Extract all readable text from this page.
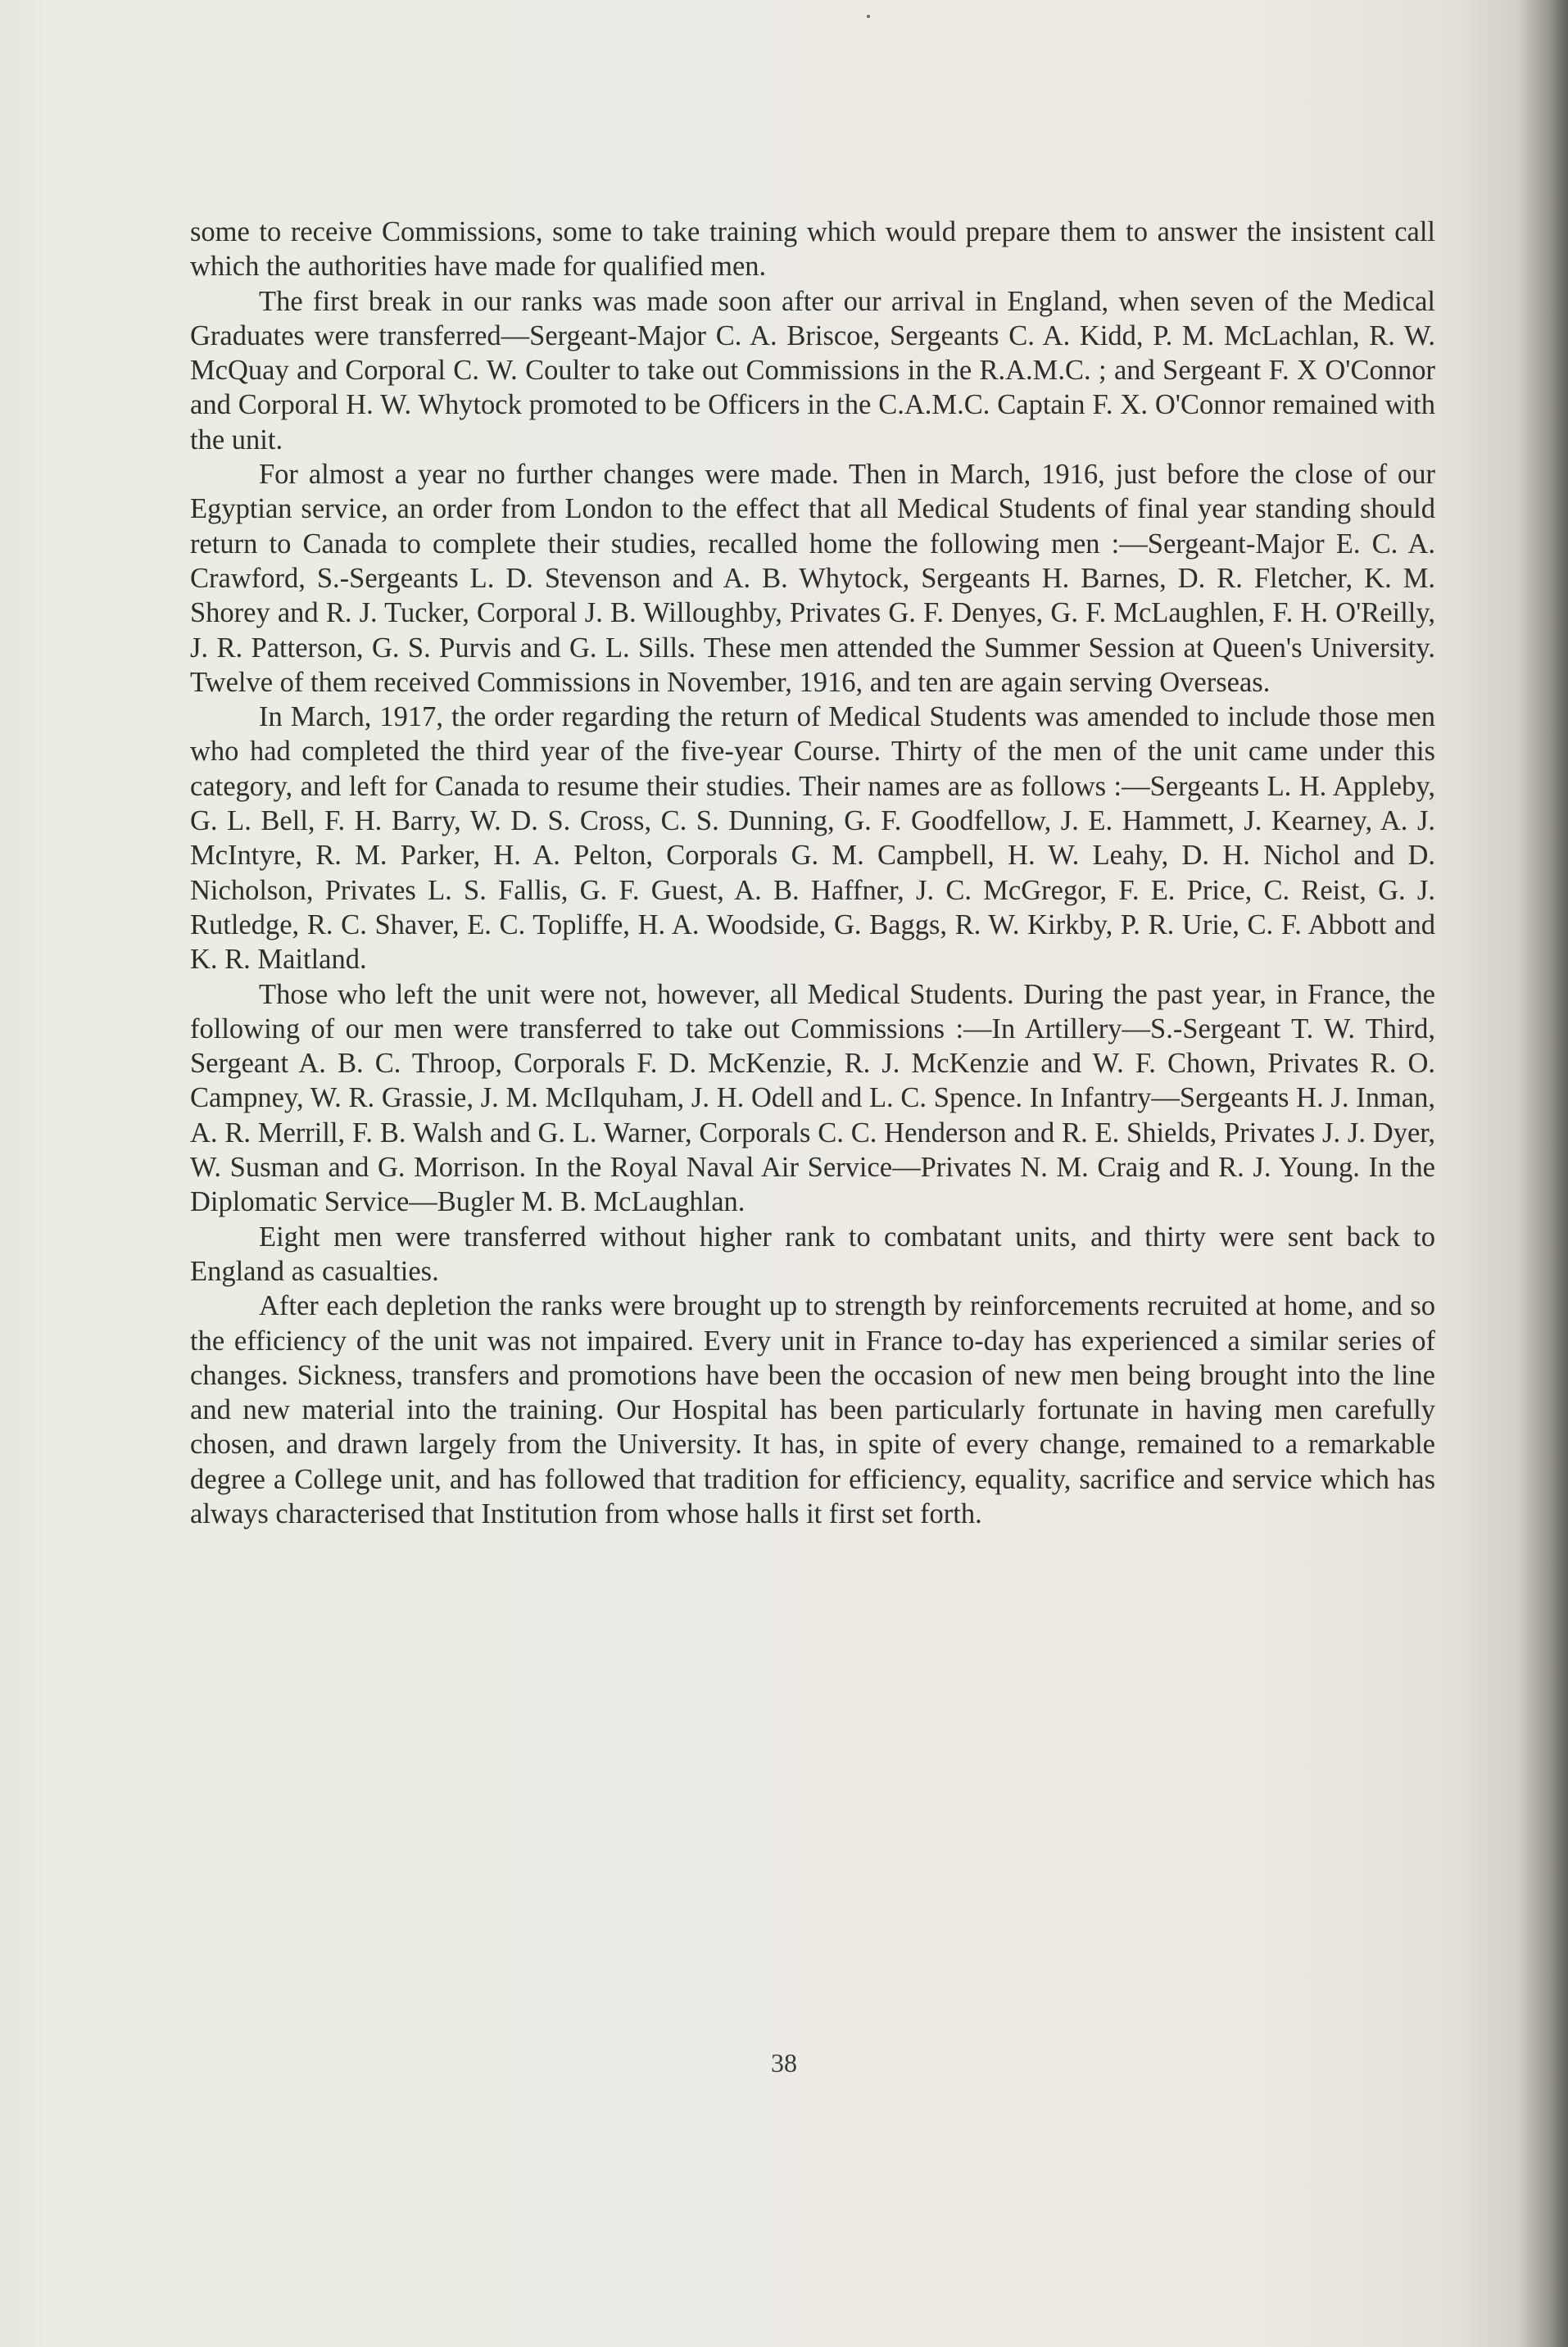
some to receive Commissions, some to take training which would prepare them to answer the insistent call which the authorities have made for qualified men.

The first break in our ranks was made soon after our arrival in England, when seven of the Medical Graduates were transferred—Sergeant-Major C. A. Briscoe, Sergeants C. A. Kidd, P. M. McLachlan, R. W. McQuay and Corporal C. W. Coulter to take out Commissions in the R.A.M.C. ; and Sergeant F. X O'Connor and Corporal H. W. Whytock promoted to be Officers in the C.A.M.C. Captain F. X. O'Connor remained with the unit.

For almost a year no further changes were made. Then in March, 1916, just before the close of our Egyptian service, an order from London to the effect that all Medical Students of final year standing should return to Canada to complete their studies, recalled home the following men :—Sergeant-Major E. C. A. Crawford, S.-Sergeants L. D. Stevenson and A. B. Whytock, Sergeants H. Barnes, D. R. Fletcher, K. M. Shorey and R. J. Tucker, Corporal J. B. Willoughby, Privates G. F. Denyes, G. F. McLaughlen, F. H. O'Reilly, J. R. Patterson, G. S. Purvis and G. L. Sills. These men attended the Summer Session at Queen's University. Twelve of them received Commissions in November, 1916, and ten are again serving Overseas.

In March, 1917, the order regarding the return of Medical Students was amended to include those men who had completed the third year of the five-year Course. Thirty of the men of the unit came under this category, and left for Canada to resume their studies. Their names are as follows :—Sergeants L. H. Appleby, G. L. Bell, F. H. Barry, W. D. S. Cross, C. S. Dunning, G. F. Goodfellow, J. E. Hammett, J. Kearney, A. J. McIntyre, R. M. Parker, H. A. Pelton, Corporals G. M. Campbell, H. W. Leahy, D. H. Nichol and D. Nicholson, Privates L. S. Fallis, G. F. Guest, A. B. Haffner, J. C. McGregor, F. E. Price, C. Reist, G. J. Rutledge, R. C. Shaver, E. C. Topliffe, H. A. Woodside, G. Baggs, R. W. Kirkby, P. R. Urie, C. F. Abbott and K. R. Maitland.

Those who left the unit were not, however, all Medical Students. During the past year, in France, the following of our men were transferred to take out Commissions :—In Artillery—S.-Sergeant T. W. Third, Sergeant A. B. C. Throop, Corporals F. D. McKenzie, R. J. McKenzie and W. F. Chown, Privates R. O. Campney, W. R. Grassie, J. M. McIlquham, J. H. Odell and L. C. Spence. In Infantry—Sergeants H. J. Inman, A. R. Merrill, F. B. Walsh and G. L. Warner, Corporals C. C. Henderson and R. E. Shields, Privates J. J. Dyer, W. Susman and G. Morrison. In the Royal Naval Air Service—Privates N. M. Craig and R. J. Young. In the Diplomatic Service—Bugler M. B. McLaughlan.

Eight men were transferred without higher rank to combatant units, and thirty were sent back to England as casualties.

After each depletion the ranks were brought up to strength by reinforcements recruited at home, and so the efficiency of the unit was not impaired. Every unit in France to-day has experienced a similar series of changes. Sickness, transfers and promotions have been the occasion of new men being brought into the line and new material into the training. Our Hospital has been particularly fortunate in having men carefully chosen, and drawn largely from the University. It has, in spite of every change, remained to a remarkable degree a College unit, and has followed that tradition for efficiency, equality, sacrifice and service which has always characterised that Institution from whose halls it first set forth.

38
